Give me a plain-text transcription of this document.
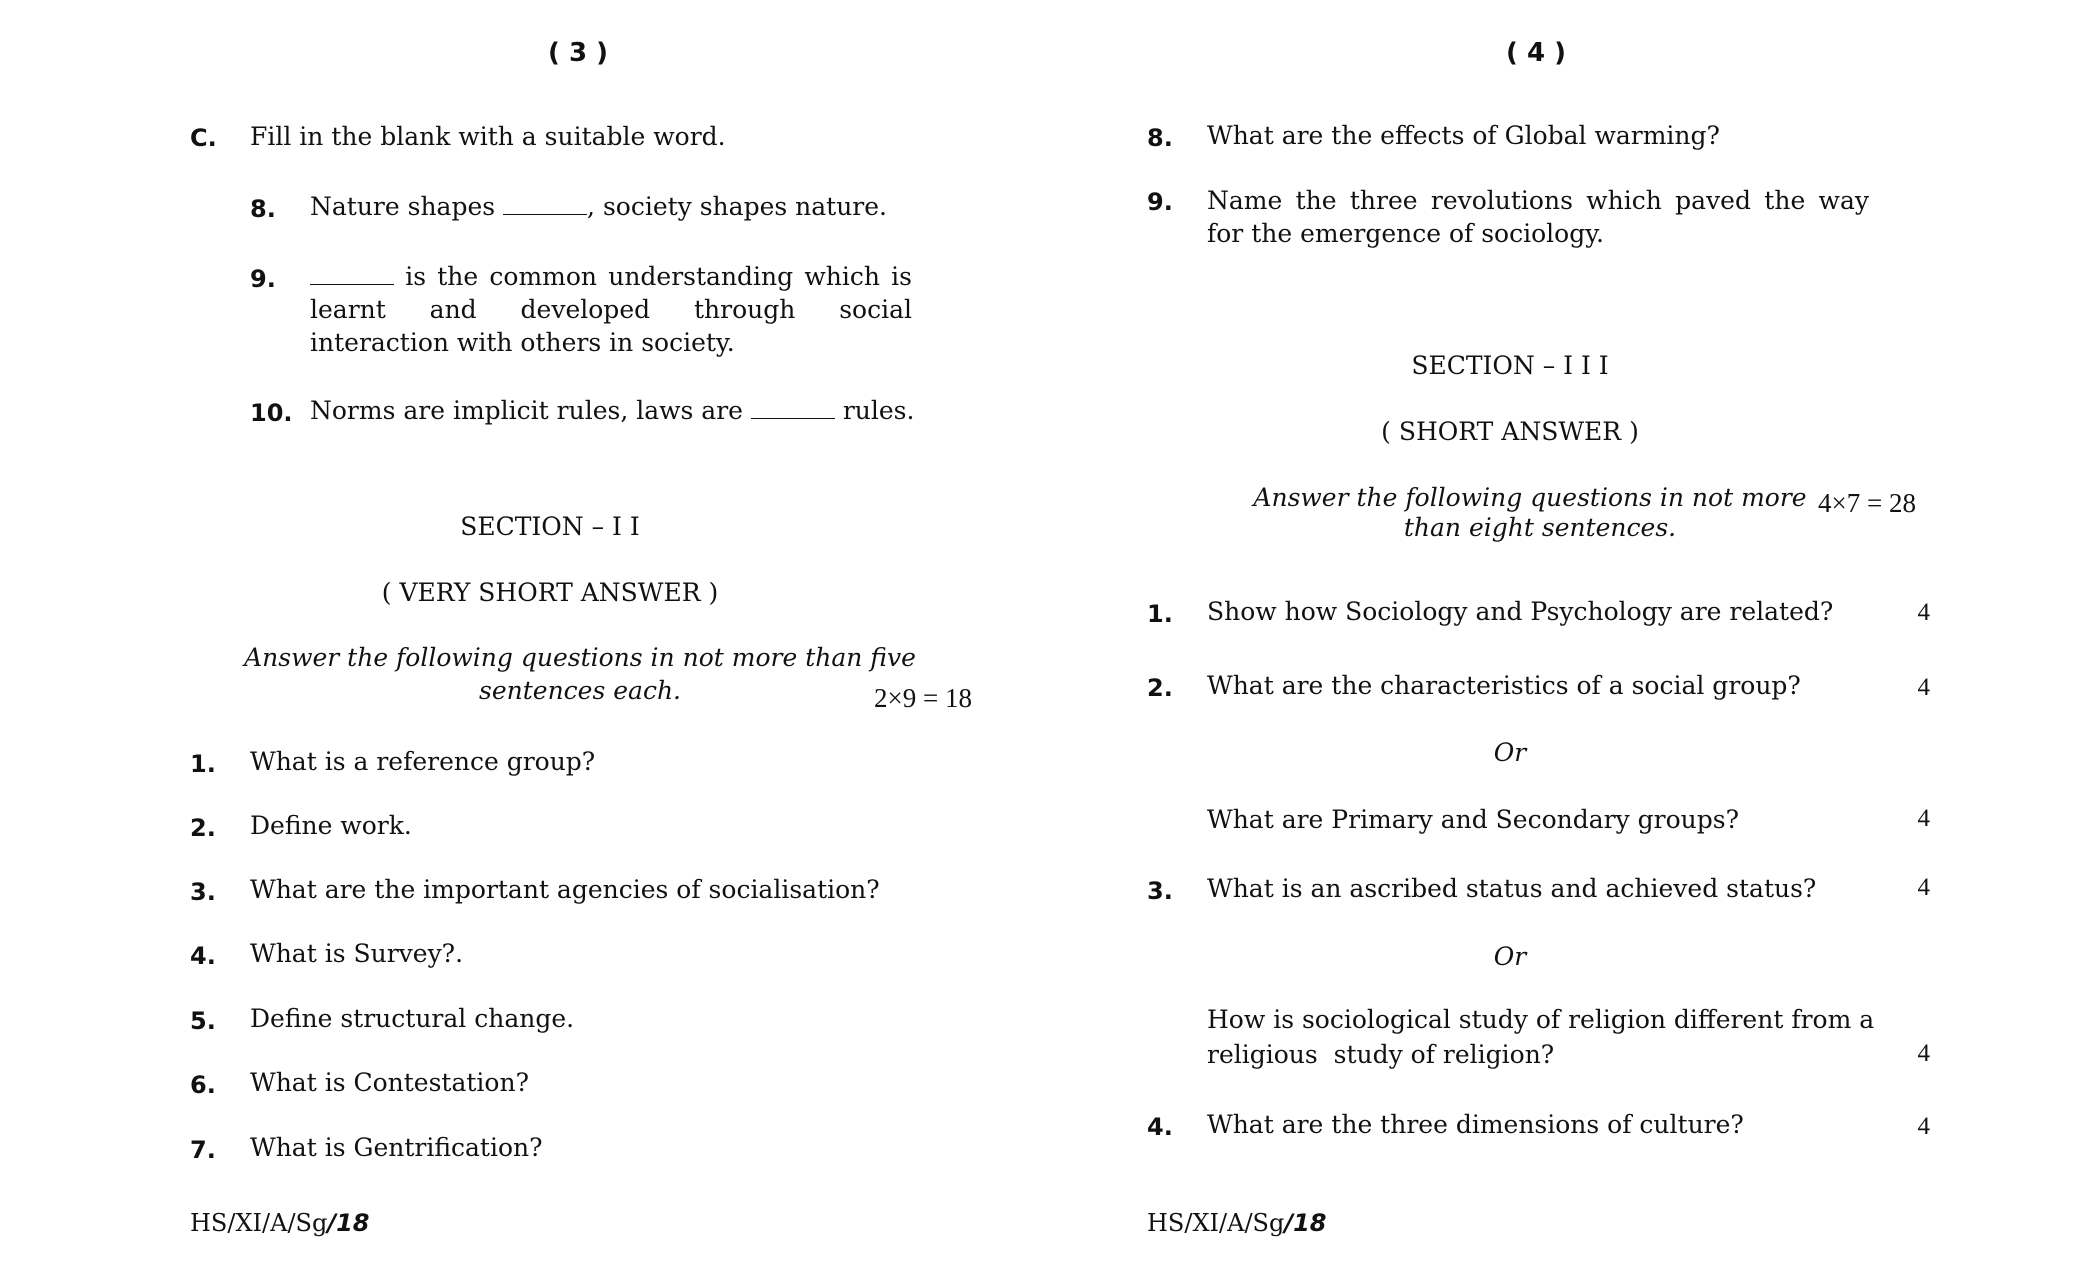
( 3 )
C. Fill in the blank with a suitable word.
8. Nature shapes	, society shapes nature.
9.	is the common understanding which is learnt and developed through social interaction with others in society.
10. Norms are implicit rules, laws are	rules.
SECTION – I I
( VERY SHORT ANSWER )
Answer the following questions in not more than five
sentences each.	2×9 = 18
1. What is a reference group?
2. Define work.
3. What are the important agencies of socialisation?
4. What is Survey?.
5. Define structural change.
6. What is Contestation?
7. What is Gentrification?
HS/XI/A/Sg/18
( 4 )
8. What are the effects of Global warming?
9. Name the three revolutions which paved the way for the emergence of sociology.
SECTION – I I I
( SHORT ANSWER )
Answer the following questions in not more
than eight sentences.
4×7 = 28
1. Show how Sociology and Psychology are related?	4
2. What are the characteristics of a social group?	4
Or
What are Primary and Secondary groups?	4
3. What is an ascribed status and achieved status?	4
Or
How is sociological study of religion different from a
religious  study of religion?	4
4. What are the three dimensions of culture?	4
HS/XI/A/Sg/18
